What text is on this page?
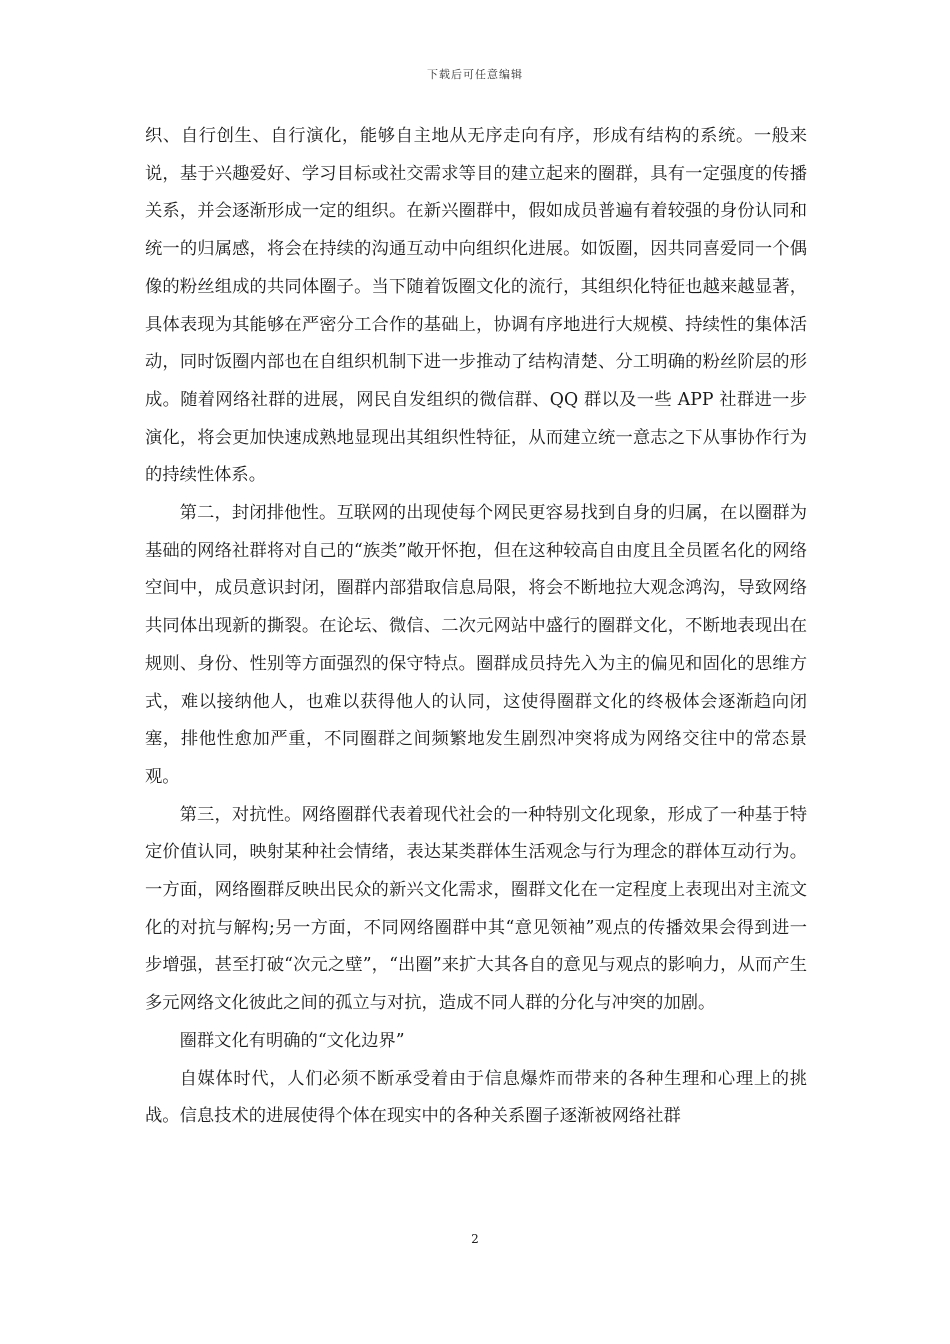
下载后可任意编辑

织、自行创生、自行演化，能够自主地从无序走向有序，形成有结构的系统。一般来说，基于兴趣爱好、学习目标或社交需求等目的建立起来的圈群，具有一定强度的传播关系，并会逐渐形成一定的组织。在新兴圈群中，假如成员普遍有着较强的身份认同和统一的归属感，将会在持续的沟通互动中向组织化进展。如饭圈，因共同喜爱同一个偶像的粉丝组成的共同体圈子。当下随着饭圈文化的流行，其组织化特征也越来越显著，具体表现为其能够在严密分工合作的基础上，协调有序地进行大规模、持续性的集体活动，同时饭圈内部也在自组织机制下进一步推动了结构清楚、分工明确的粉丝阶层的形成。随着网络社群的进展，网民自发组织的微信群、QQ 群以及一些 APP 社群进一步演化，将会更加快速成熟地显现出其组织性特征，从而建立统一意志之下从事协作行为的持续性体系。

第二，封闭排他性。互联网的出现使每个网民更容易找到自身的归属，在以圈群为基础的网络社群将对自己的“族类”敞开怀抱，但在这种较高自由度且全员匿名化的网络空间中，成员意识封闭，圈群内部猎取信息局限，将会不断地拉大观念鸿沟，导致网络共同体出现新的撕裂。在论坛、微信、二次元网站中盛行的圈群文化，不断地表现出在规则、身份、性别等方面强烈的保守特点。圈群成员持先入为主的偏见和固化的思维方式，难以接纳他人，也难以获得他人的认同，这使得圈群文化的终极体会逐渐趋向闭塞，排他性愈加严重，不同圈群之间频繁地发生剧烈冲突将成为网络交往中的常态景观。

第三，对抗性。网络圈群代表着现代社会的一种特别文化现象，形成了一种基于特定价值认同，映射某种社会情绪，表达某类群体生活观念与行为理念的群体互动行为。一方面，网络圈群反映出民众的新兴文化需求，圈群文化在一定程度上表现出对主流文化的对抗与解构;另一方面，不同网络圈群中其“意见领袖”观点的传播效果会得到进一步增强，甚至打破“次元之壁”，“出圈”来扩大其各自的意见与观点的影响力，从而产生多元网络文化彼此之间的孤立与对抗，造成不同人群的分化与冲突的加剧。

圈群文化有明确的“文化边界”

自媒体时代，人们必须不断承受着由于信息爆炸而带来的各种生理和心理上的挑战。信息技术的进展使得个体在现实中的各种关系圈子逐渐被网络社群

2
